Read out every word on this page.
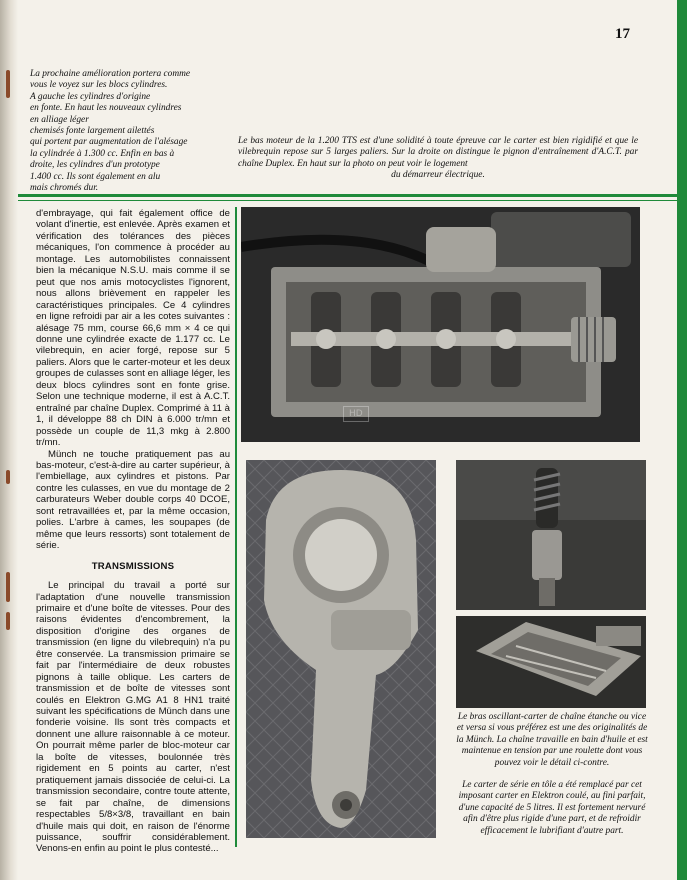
17
La prochaine amélioration portera comme
vous le voyez sur les blocs cylindres.
A gauche les cylindres d'origine
en fonte. En haut les nouveaux cylindres
en alliage léger
chemisés fonte largement ailettés
qui portent par augmentation de l'alésage
la cylindrée à 1.300 cc. Enfin en bas à
droite, les cylindres d'un prototype
1.400 cc. Ils sont également en alu
mais chromés dur.
Le bas moteur de la 1.200 TTS est d'une solidité à toute épreuve car le carter est bien rigidifié et que le vilebrequin repose sur 5 larges paliers. Sur la droite on distingue le pignon d'entraînement d'A.C.T. par chaîne Duplex. En haut sur la photo on peut voir le logement
du démarreur électrique.

d'embrayage, qui fait également office de volant d'inertie, est enlevée. Après examen et vérification des tolérances des pièces mécaniques, l'on commence à procéder au montage. Les automobilistes connaissent bien la mécanique N.S.U. mais comme il se peut que nos amis motocyclistes l'ignorent, nous allons brièvement en rappeler les caractéristiques principales. Ce 4 cylindres en ligne refroidi par air a les cotes suivantes : alésage 75 mm, course 66,6 mm × 4 ce qui donne une cylindrée exacte de 1.177 cc. Le vilebrequin, en acier forgé, repose sur 5 paliers. Alors que le carter-moteur et les deux groupes de culasses sont en alliage léger, les deux blocs cylindres sont en fonte grise. Selon une technique moderne, il est à A.C.T. entraîné par chaîne Duplex. Comprimé à 11 à 1, il développe 88 ch DIN à 6.000 tr/mn et possède un couple de 11,3 mkg à 2.800 tr/mn.

Münch ne touche pratiquement pas au bas-moteur, c'est-à-dire au carter supérieur, à l'embiellage, aux cylindres et pistons. Par contre les culasses, en vue du montage de 2 carburateurs Weber double corps 40 DCOE, sont retravaillées et, par la même occasion, polies. L'arbre à cames, les soupapes (de même que leurs ressorts) sont totalement de série.

TRANSMISSIONS

Le principal du travail a porté sur l'adaptation d'une nouvelle transmission primaire et d'une boîte de vitesses. Pour des raisons évidentes d'encombrement, la disposition d'origine des organes de transmission (en ligne du vilebrequin) n'a pu être conservée. La transmission primaire se fait par l'intermédiaire de deux robustes pignons à taille oblique. Les carters de transmission et de boîte de vitesses sont coulés en Elektron G.MG A1 8 HN1 traité suivant les spécifications de Münch dans une fonderie voisine. Ils sont très compacts et donnent une allure raisonnable à ce moteur. On pourrait même parler de bloc-moteur car la boîte de vitesses, boulonnée très rigidement en 5 points au carter, n'est pratiquement jamais dissociée de celui-ci. La transmission secondaire, contre toute attente, se fait par chaîne, de dimensions respectables 5/8×3/8, travaillant en bain d'huile mais qui doit, en raison de l'énorme puissance, souffrir considérablement. Venons-en enfin au point le plus contesté...

HD
Le bras oscillant-carter de chaîne étanche ou vice et versa si vous préférez est une des originalités de la Münch. La chaîne travaille en bain d'huile et est maintenue en tension par une roulette dont vous pouvez voir le détail ci-contre.
Le carter de série en tôle a été remplacé par cet imposant carter en Elektron coulé, au fini parfait, d'une capacité de 5 litres. Il est fortement nervuré afin d'être plus rigide d'une part, et de refroidir efficacement le lubrifiant d'autre part.
